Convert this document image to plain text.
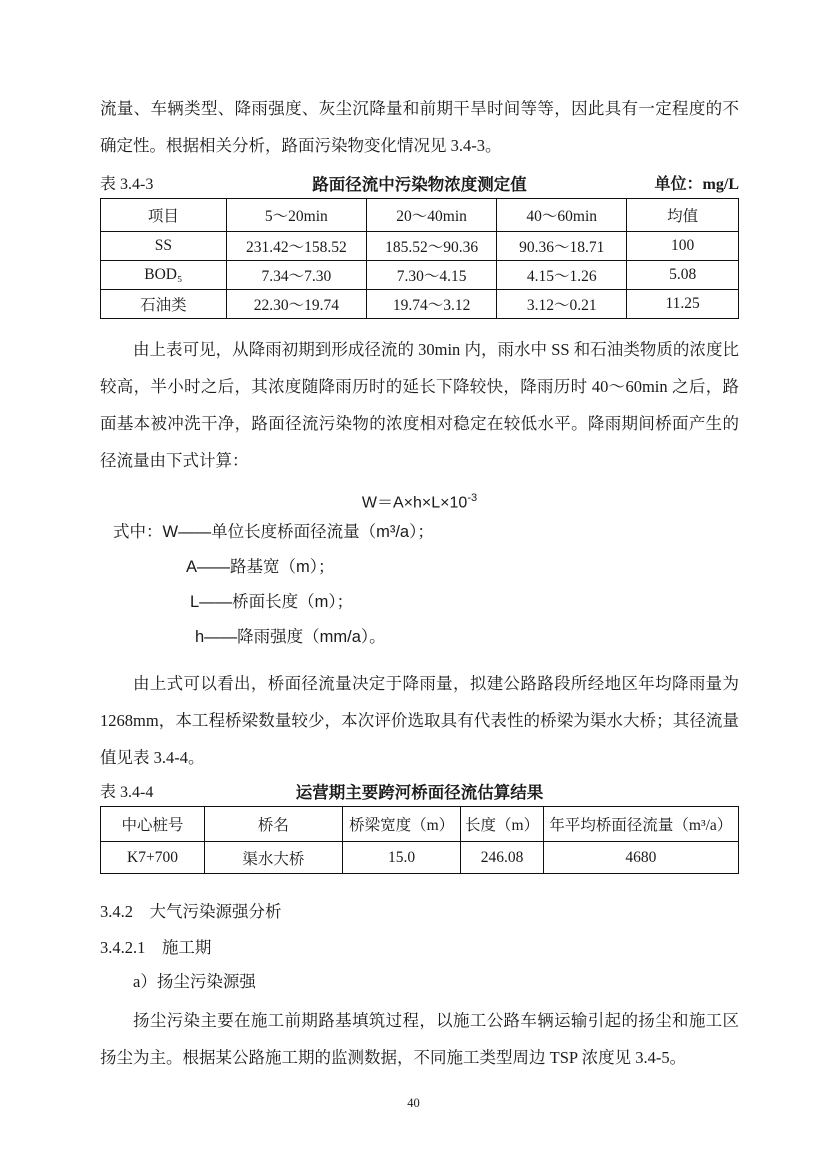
流量、车辆类型、降雨强度、灰尘沉降量和前期干旱时间等等，因此具有一定程度的不确定性。根据相关分析，路面污染物变化情况见 3.4-3。

表 3.4-3	路面径流中污染物浓度测定值	单位：mg/L
项目	5～20min	20～40min	40～60min	均值
SS	231.42～158.52	185.52～90.36	90.36～18.71	100
BOD₅	7.34～7.30	7.30～4.15	4.15～1.26	5.08
石油类	22.30～19.74	19.74～3.12	3.12～0.21	11.25

由上表可见，从降雨初期到形成径流的 30min 内，雨水中 SS 和石油类物质的浓度比较高，半小时之后，其浓度随降雨历时的延长下降较快，降雨历时 40～60min 之后，路面基本被冲洗干净，路面径流污染物的浓度相对稳定在较低水平。降雨期间桥面产生的径流量由下式计算：

$W=A\times h\times L\times 10^{-3}$
式中：W——单位长度桥面径流量（m³/a）；
A——路基宽（m）；
L——桥面长度（m）；
h——降雨强度（mm/a）。

由上式可以看出，桥面径流量决定于降雨量，拟建公路路段所经地区年均降雨量为 1268mm，本工程桥梁数量较少，本次评价选取具有代表性的桥梁为渠水大桥；其径流量值见表 3.4-4。

表 3.4-4	运营期主要跨河桥面径流估算结果
中心桩号	桥名	桥梁宽度（m）	长度（m）	年平均桥面径流量（m³/a）
K7+700	渠水大桥	15.0	246.08	4680

3.4.2　大气污染源强分析

3.4.2.1　施工期

a）扬尘污染源强

扬尘污染主要在施工前期路基填筑过程，以施工公路车辆运输引起的扬尘和施工区扬尘为主。根据某公路施工期的监测数据，不同施工类型周边 TSP 浓度见 3.4-5。

40
